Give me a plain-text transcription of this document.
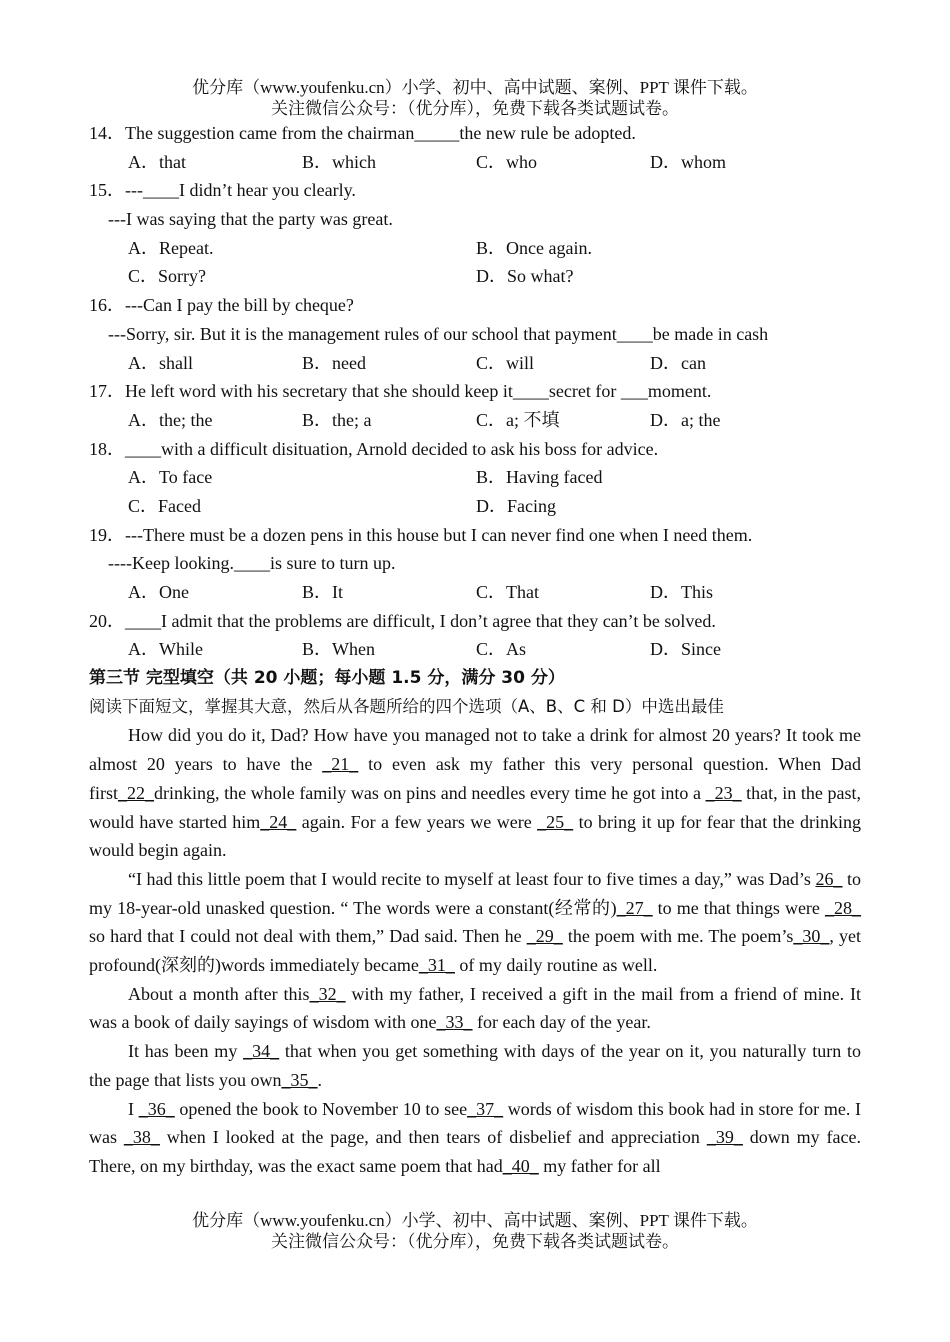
优分库（www.youfenku.cn）小学、初中、高中试题、案例、PPT 课件下载。
关注微信公众号：（优分库），免费下载各类试题试卷。
14．The suggestion came from the chairman_____the new rule be adopted.
A．that	B．which	C．who	D．whom
15．---____I didn’t hear you clearly.
---I was saying that the party was great.
A．Repeat.	B．Once again.
C．Sorry?	D．So what?
16．---Can I pay the bill by cheque?
---Sorry, sir. But it is the management rules of our school that payment____be made in cash
A．shall	B．need	C．will	D．can
17．He left word with his secretary that she should keep it____secret for ___moment.
A．the; the	B．the; a	C．a; 不填	D．a; the
18．____with a difficult disituation, Arnold decided to ask his boss for advice.
A．To face	B．Having faced
C．Faced	D．Facing
19．---There must be a dozen pens in this house but I can never find one when I need them.
----Keep looking.____is sure to turn up.
A．One	B．It	C．That	D．This
20．____I admit that the problems are difficult, I don’t agree that they can’t be solved.
A．While	B．When	C．As	D．Since
第三节 完型填空（共 20 小题；每小题 1.5 分，满分 30 分）
阅读下面短文，掌握其大意，然后从各题所给的四个选项（A、B、C 和 D）中选出最佳

How did you do it, Dad? How have you managed not to take a drink for almost 20 years? It took me almost 20 years to have the _21_ to even ask my father this very personal question. When Dad first_22_drinking, the whole family was on pins and needles every time he got into a _23_ that, in the past, would have started him_24_ again. For a few years we were _25_ to bring it up for fear that the drinking would begin again.

“I had this little poem that I would recite to myself at least four to five times a day,” was Dad’s 26_ to my 18-year-old unasked question. “ The words were a constant(经常的)_27_ to me that things were _28_ so hard that I could not deal with them,” Dad said. Then he _29_ the poem with me. The poem’s_30_, yet profound(深刻的)words immediately became_31_ of my daily routine as well.

About a month after this_32_ with my father, I received a gift in the mail from a friend of mine. It was a book of daily sayings of wisdom with one_33_ for each day of the year.

It has been my _34_ that when you get something with days of the year on it, you naturally turn to the page that lists you own_35_.

I _36_ opened the book to November 10 to see_37_ words of wisdom this book had in store for me. I was _38_ when I looked at the page, and then tears of disbelief and appreciation _39_ down my face. There, on my birthday, was the exact same poem that had_40_ my father for all

优分库（www.youfenku.cn）小学、初中、高中试题、案例、PPT 课件下载。
关注微信公众号：（优分库），免费下载各类试题试卷。
